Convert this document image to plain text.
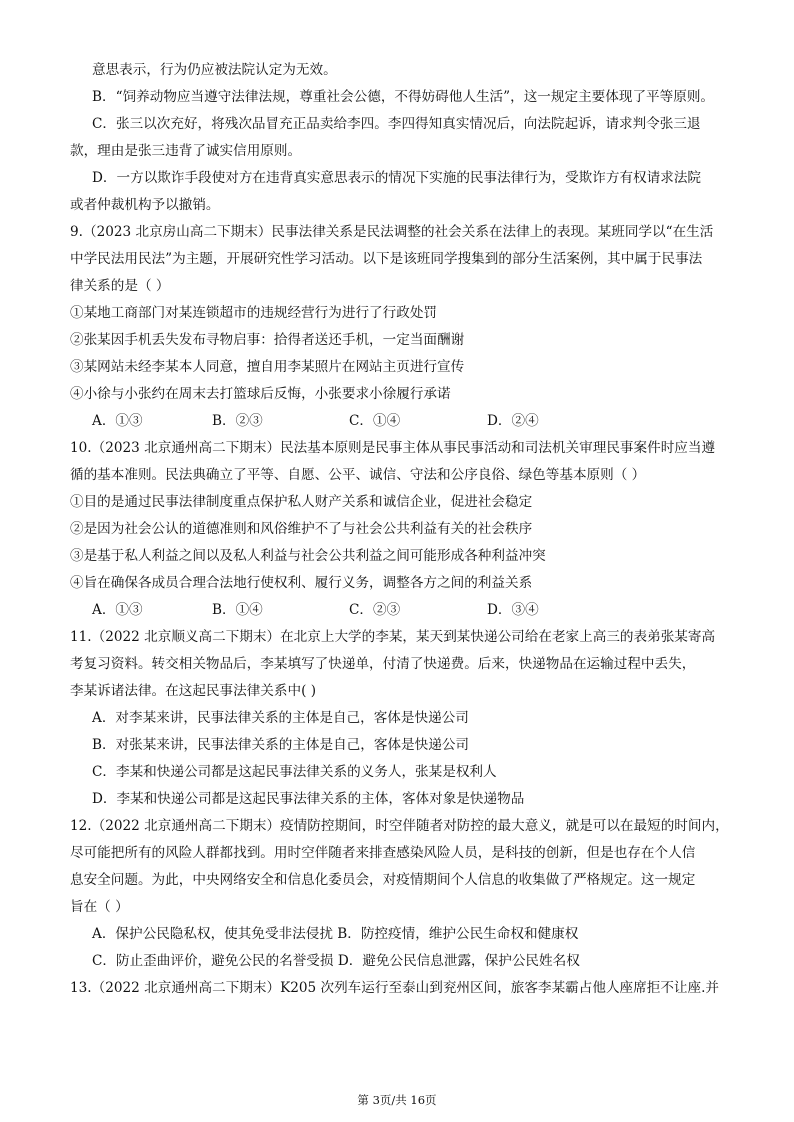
意思表示，行为仍应被法院认定为无效。
B．“饲养动物应当遵守法律法规，尊重社会公德，不得妨碍他人生活”，这一规定主要体现了平等原则。
C．张三以次充好，将残次品冒充正品卖给李四。李四得知真实情况后，向法院起诉，请求判令张三退
款，理由是张三违背了诚实信用原则。
D．一方以欺诈手段使对方在违背真实意思表示的情况下实施的民事法律行为，受欺诈方有权请求法院
或者仲裁机构予以撤销。
9.（2023 北京房山高二下期末）民事法律关系是民法调整的社会关系在法律上的表现。某班同学以“在生活
中学民法用民法”为主题，开展研究性学习活动。以下是该班同学搜集到的部分生活案例，其中属于民事法
律关系的是（ ）
①某地工商部门对某连锁超市的违规经营行为进行了行政处罚
②张某因手机丢失发布寻物启事：拾得者送还手机，一定当面酬谢
③某网站未经李某本人同意，擅自用李某照片在网站主页进行宣传
④小徐与小张约在周末去打篮球后反悔，小张要求小徐履行承诺
A．①③	B．②③	C．①④	D．②④
10.（2023 北京通州高二下期末）民法基本原则是民事主体从事民事活动和司法机关审理民事案件时应当遵
循的基本准则。民法典确立了平等、自愿、公平、诚信、守法和公序良俗、绿色等基本原则（ ）
①目的是通过民事法律制度重点保护私人财产关系和诚信企业，促进社会稳定
②是因为社会公认的道德准则和风俗维护不了与社会公共利益有关的社会秩序
③是基于私人利益之间以及私人利益与社会公共利益之间可能形成各种利益冲突
④旨在确保各成员合理合法地行使权利、履行义务，调整各方之间的利益关系
A．①③	B．①④	C．②③	D．③④
11.（2022 北京顺义高二下期末）在北京上大学的李某，某天到某快递公司给在老家上高三的表弟张某寄高
考复习资料。转交相关物品后，李某填写了快递单，付清了快递费。后来，快递物品在运输过程中丢失，
李某诉诸法律。在这起民事法律关系中( )
A．对李某来讲，民事法律关系的主体是自己，客体是快递公司
B．对张某来讲，民事法律关系的主体是自己，客体是快递公司
C．李某和快递公司都是这起民事法律关系的义务人，张某是权利人
D．李某和快递公司都是这起民事法律关系的主体，客体对象是快递物品
12.（2022 北京通州高二下期末）疫情防控期间，时空伴随者对防控的最大意义，就是可以在最短的时间内，
尽可能把所有的风险人群都找到。用时空伴随者来排查感染风险人员，是科技的创新，但是也存在个人信
息安全问题。为此，中央网络安全和信息化委员会，对疫情期间个人信息的收集做了严格规定。这一规定
旨在（ ）
A．保护公民隐私权，使其免受非法侵扰 B．防控疫情，维护公民生命权和健康权
C．防止歪曲评价，避免公民的名誉受损 D．避免公民信息泄露，保护公民姓名权
13.（2022 北京通州高二下期末）K205 次列车运行至泰山到兖州区间，旅客李某霸占他人座席拒不让座.并
第 3页/共 16页
